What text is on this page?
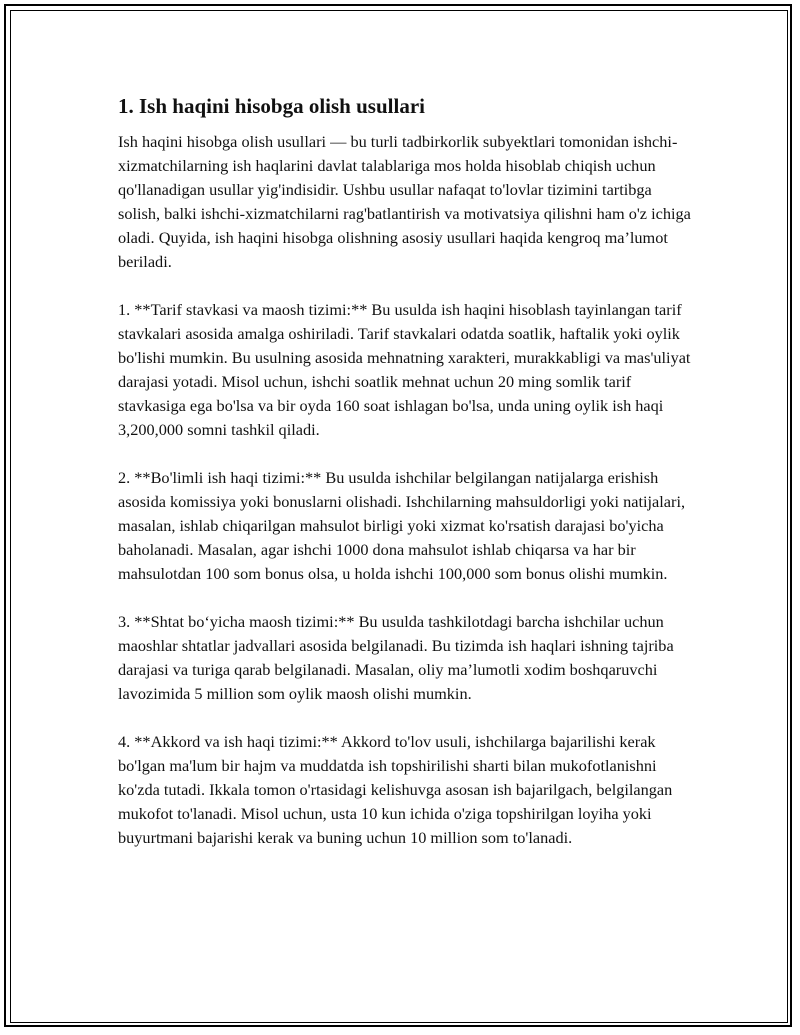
1. Ish haqini hisobga olish usullari

Ish haqini hisobga olish usullari — bu turli tadbirkorlik subyektlari tomonidan ishchi-xizmatchilarning ish haqlarini davlat talablariga mos holda hisoblab chiqish uchun qo'llanadigan usullar yig'indisidir. Ushbu usullar nafaqat to'lovlar tizimini tartibga solish, balki ishchi-xizmatchilarni rag'batlantirish va motivatsiya qilishni ham o'z ichiga oladi. Quyida, ish haqini hisobga olishning asosiy usullari haqida kengroq ma’lumot beriladi.

1. **Tarif stavkasi va maosh tizimi:** Bu usulda ish haqini hisoblash tayinlangan tarif stavkalari asosida amalga oshiriladi. Tarif stavkalari odatda soatlik, haftalik yoki oylik bo'lishi mumkin. Bu usulning asosida mehnatning xarakteri, murakkabligi va mas'uliyat darajasi yotadi. Misol uchun, ishchi soatlik mehnat uchun 20 ming somlik tarif stavkasiga ega bo'lsa va bir oyda 160 soat ishlagan bo'lsa, unda uning oylik ish haqi 3,200,000 somni tashkil qiladi.

2. **Bo'limli ish haqi tizimi:** Bu usulda ishchilar belgilangan natijalarga erishish asosida komissiya yoki bonuslarni olishadi. Ishchilarning mahsuldorligi yoki natijalari, masalan, ishlab chiqarilgan mahsulot birligi yoki xizmat ko'rsatish darajasi bo'yicha baholanadi. Masalan, agar ishchi 1000 dona mahsulot ishlab chiqarsa va har bir mahsulotdan 100 som bonus olsa, u holda ishchi 100,000 som bonus olishi mumkin.

3. **Shtat bo‘yicha maosh tizimi:** Bu usulda tashkilotdagi barcha ishchilar uchun maoshlar shtatlar jadvallari asosida belgilanadi. Bu tizimda ish haqlari ishning tajriba darajasi va turiga qarab belgilanadi. Masalan, oliy ma’lumotli xodim boshqaruvchi lavozimida 5 million som oylik maosh olishi mumkin.

4. **Akkord va ish haqi tizimi:** Akkord to'lov usuli, ishchilarga bajarilishi kerak bo'lgan ma'lum bir hajm va muddatda ish topshirilishi sharti bilan mukofotlanishni ko'zda tutadi. Ikkala tomon o'rtasidagi kelishuvga asosan ish bajarilgach, belgilangan mukofot to'lanadi. Misol uchun, usta 10 kun ichida o'ziga topshirilgan loyiha yoki buyurtmani bajarishi kerak va buning uchun 10 million som to'lanadi.
